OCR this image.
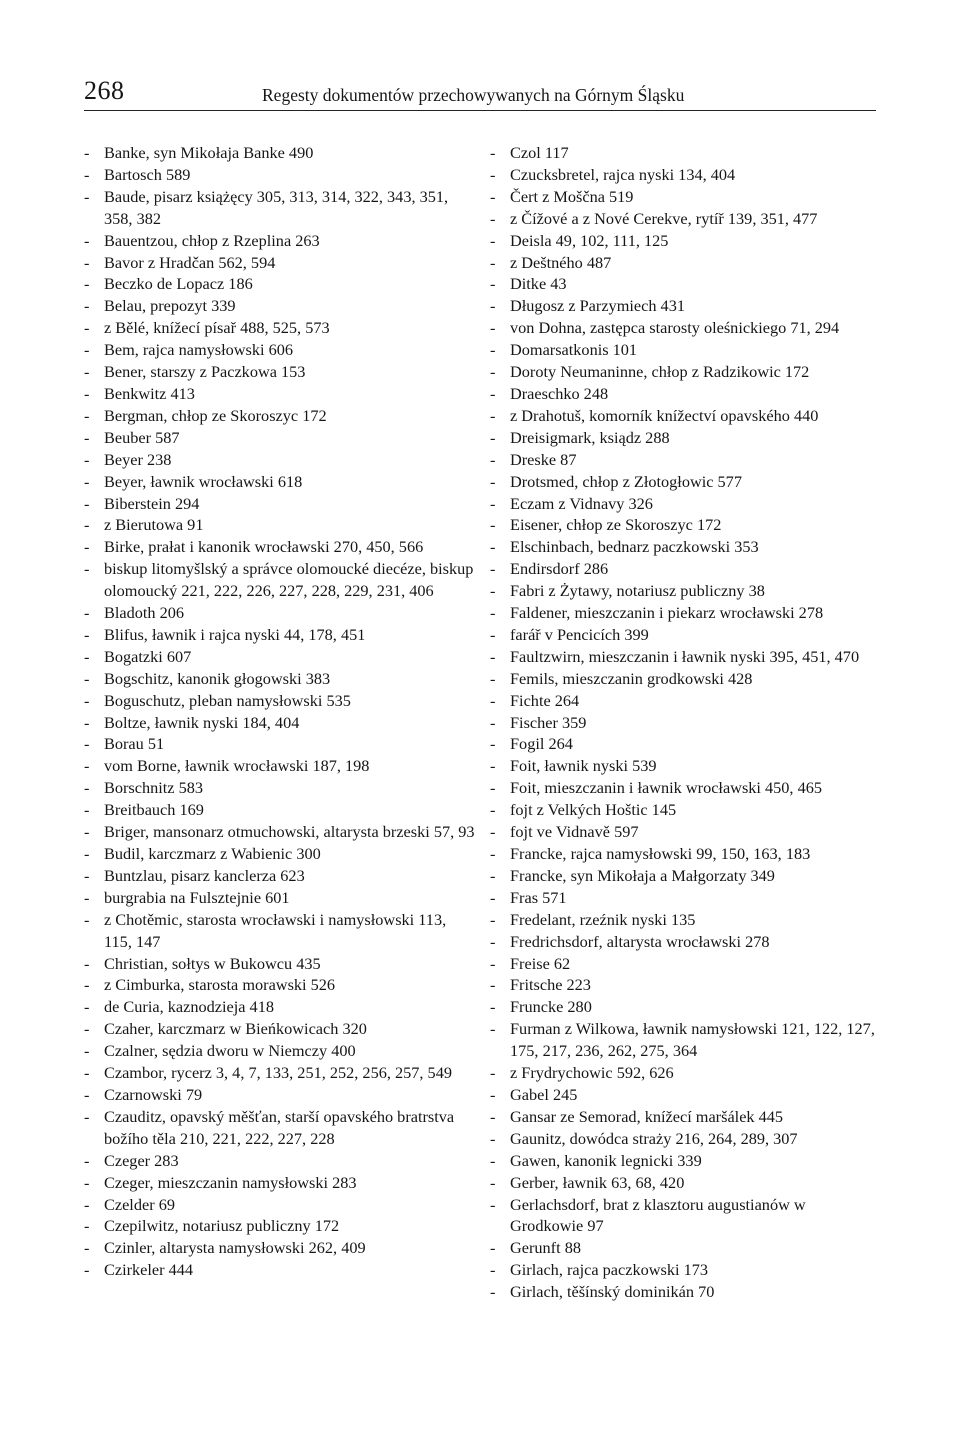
268	Regesty dokumentów przechowywanych na Górnym Śląsku
- Banke, syn Mikołaja Banke 490
- Bartosch 589
- Baude, pisarz książęcy 305, 313, 314, 322, 343, 351, 358, 382
- Bauentzou, chłop z Rzeplina 263
- Bavor z Hradčan 562, 594
- Beczko de Lopacz 186
- Belau, prepozyt 339
- z Bělé, knížecí písař 488, 525, 573
- Bem, rajca namysłowski 606
- Bener, starszy z Paczkowa 153
- Benkwitz 413
- Bergman, chłop ze Skoroszyc 172
- Beuber 587
- Beyer 238
- Beyer, ławnik wrocławski 618
- Biberstein 294
- z Bierutowa 91
- Birke, prałat i kanonik wrocławski 270, 450, 566
- biskup litomyšlský a správce olomoucké diecéze, biskup olomoucký 221, 222, 226, 227, 228, 229, 231, 406
- Bladoth 206
- Blifus, ławnik i rajca nyski 44, 178, 451
- Bogatzki 607
- Bogschitz, kanonik głogowski 383
- Boguschutz, pleban namysłowski 535
- Boltze, ławnik nyski 184, 404
- Borau 51
- vom Borne, ławnik wrocławski 187, 198
- Borschnitz 583
- Breitbauch 169
- Briger, mansonarz otmuchowski, altarysta brzeski 57, 93
- Budil, karczmarz z Wabienic 300
- Buntzlau, pisarz kanclerza 623
- burgrabia na Fulsztejnie 601
- z Chotěmic, starosta wrocławski i namysłowski 113, 115, 147
- Christian, sołtys w Bukowcu 435
- z Cimburka, starosta morawski 526
- de Curia, kaznodzieja 418
- Czaher, karczmarz w Bieńkowicach 320
- Czalner, sędzia dworu w Niemczy 400
- Czambor, rycerz 3, 4, 7, 133, 251, 252, 256, 257, 549
- Czarnowski 79
- Czauditz, opavský měšťan, starší opavského bratrstva božího těla 210, 221, 222, 227, 228
- Czeger 283
- Czeger, mieszczanin namysłowski 283
- Czelder 69
- Czepilwitz, notariusz publiczny 172
- Czinler, altarysta namysłowski 262, 409
- Czirkeler 444
- Czol 117
- Czucksbretel, rajca nyski 134, 404
- Čert z Moščna 519
- z Čížové a z Nové Cerekve, rytíř 139, 351, 477
- Deisla 49, 102, 111, 125
- z Deštného 487
- Ditke 43
- Długosz z Parzymiech 431
- von Dohna, zastępca starosty oleśnickiego 71, 294
- Domarsatkonis 101
- Doroty Neumaninne, chłop z Radzikowic 172
- Draeschko 248
- z Drahotuš, komorník knížectví opavského 440
- Dreisigmark, ksiądz 288
- Dreske 87
- Drotsmed, chłop z Złotogłowic 577
- Eczam z Vidnavy 326
- Eisener, chłop ze Skoroszyc 172
- Elschinbach, bednarz paczkowski 353
- Endirsdorf 286
- Fabri z Żytawy, notariusz publiczny 38
- Faldener, mieszczanin i piekarz wrocławski 278
- farář v Pencicích 399
- Faultzwirn, mieszczanin i ławnik nyski 395, 451, 470
- Femils, mieszczanin grodkowski 428
- Fichte 264
- Fischer 359
- Fogil 264
- Foit, ławnik nyski 539
- Foit, mieszczanin i ławnik wrocławski 450, 465
- fojt z Velkých Hoštic 145
- fojt ve Vidnavě 597
- Francke, rajca namysłowski 99, 150, 163, 183
- Francke, syn Mikołaja a Małgorzaty 349
- Fras 571
- Fredelant, rzeźnik nyski 135
- Fredrichsdorf, altarysta wrocławski 278
- Freise 62
- Fritsche 223
- Fruncke 280
- Furman z Wilkowa, ławnik namysłowski 121, 122, 127, 175, 217, 236, 262, 275, 364
- z Frydrychowic 592, 626
- Gabel 245
- Gansar ze Semorad, knížecí maršálek 445
- Gaunitz, dowódca straży 216, 264, 289, 307
- Gawen, kanonik legnicki 339
- Gerber, ławnik 63, 68, 420
- Gerlachsdorf, brat z klasztoru augustianów w Grodkowie 97
- Gerunft 88
- Girlach, rajca paczkowski 173
- Girlach, těšínský dominikán 70
